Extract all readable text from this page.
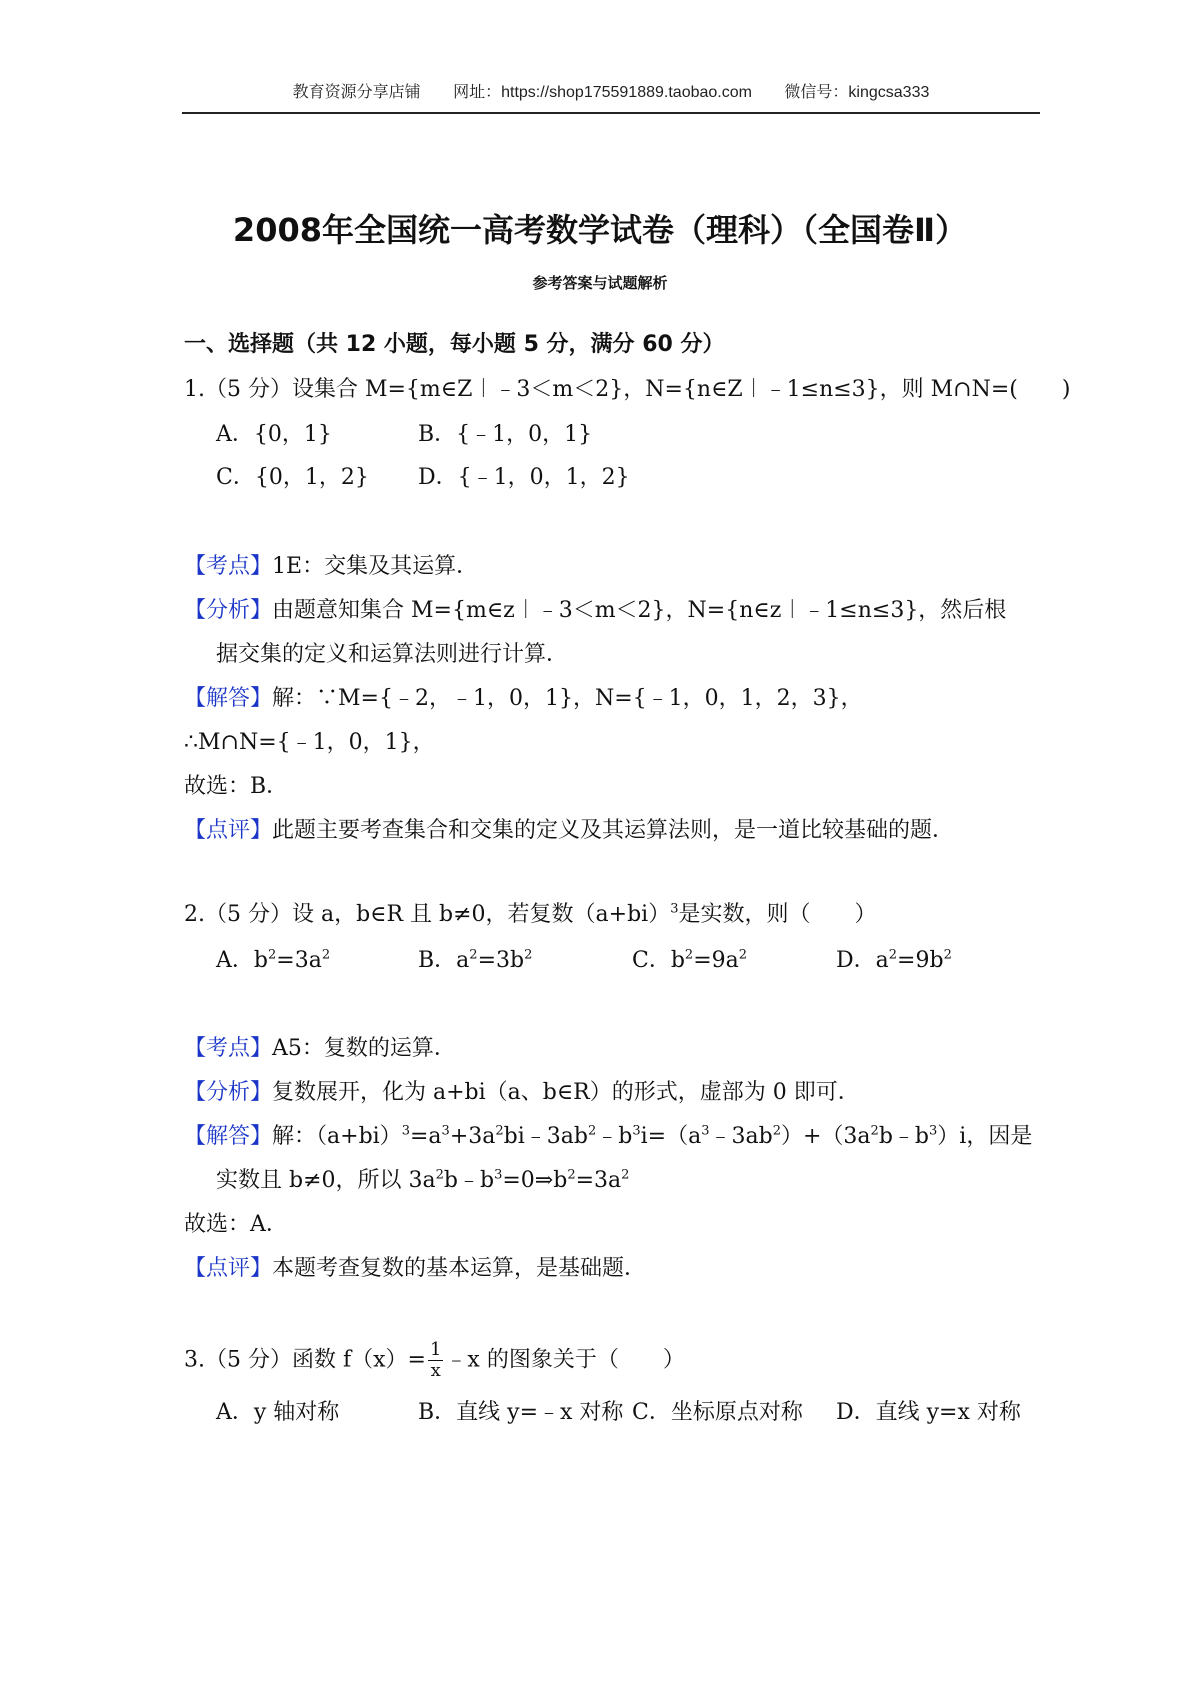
教育资源分享店铺 网址：https://shop175591889.taobao.com 微信号：kingcsa333
2008年全国统一高考数学试卷（理科）（全国卷Ⅱ）
参考答案与试题解析
一、选择题（共 12 小题，每小题 5 分，满分 60 分）
1.（5 分）设集合 M={m∈Z︱﹣3＜m＜2}，N={n∈Z︱﹣1≤n≤3}，则 M∩N=(　　)
A．{0，1}	B．{﹣1，0，1}
C．{0，1，2} D．{﹣1，0，1，2}
【考点】1E：交集及其运算．
【分析】由题意知集合 M={m∈z︱﹣3＜m＜2}，N={n∈z︱﹣1≤n≤3}，然后根
据交集的定义和运算法则进行计算．
【解答】解：∵M={﹣2，﹣1，0，1}，N={﹣1，0，1，2，3}，
∴M∩N={﹣1，0，1}，
故选：B．
【点评】此题主要考查集合和交集的定义及其运算法则，是一道比较基础的题．
2.（5 分）设 a，b∈R 且 b≠0，若复数$(a+bi)^3$是实数，则（　　）
A．$b^2=3a^2$	B．$a^2=3b^2$	C．$b^2=9a^2$	D．$a^2=9b^2$
【考点】A5：复数的运算．
【分析】复数展开，化为 a+bi（a、b∈R）的形式，虚部为 0 即可．
【解答】解：$(a+bi)^3=a^3+3a^2bi﹣3ab^2﹣b^3i=(a^3﹣3ab^2)+(3a^2b﹣b^3)i$，因是
实数且 b≠0，所以 $3a^2b﹣b^3=0\Rightarrow b^2=3a^2$
故选：A．
【点评】本题考查复数的基本运算，是基础题．
3.（5 分）函数 $f(x)= \frac{1}{x}$ ﹣x 的图象关于（　　）
A．y 轴对称	B．直线 y=﹣x 对称 C．坐标原点对称 D．直线 y=x 对称
